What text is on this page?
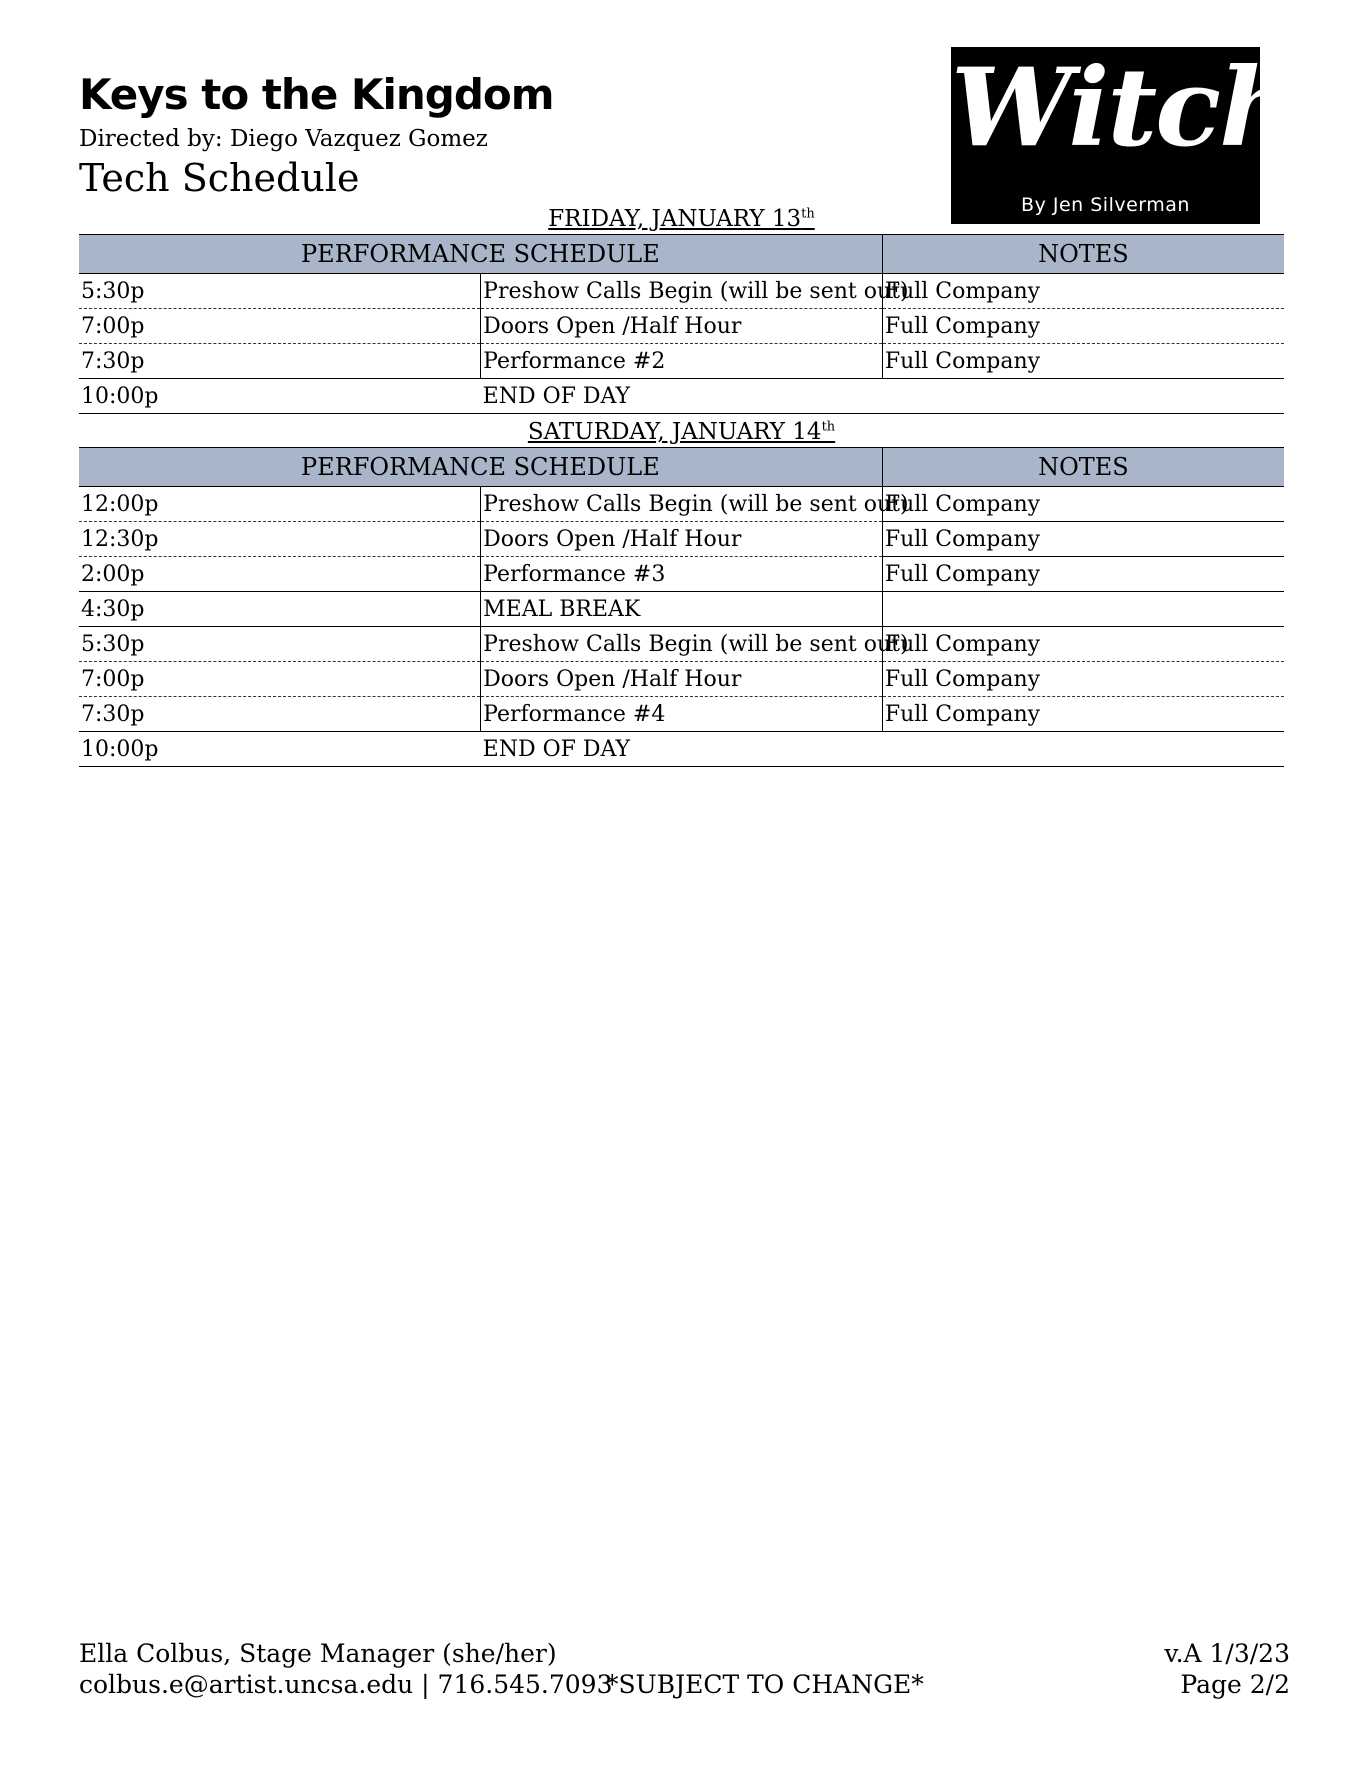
Keys to the Kingdom
Directed by: Diego Vazquez Gomez
Tech Schedule
Witch
By Jen Silverman
FRIDAY, JANUARY 13th
PERFORMANCE SCHEDULE		NOTES
5:30p	Preshow Calls Begin (will be sent out)	Full Company
7:00p	Doors Open /Half Hour	Full Company
7:30p	Performance #2	Full Company
10:00p	END OF DAY	
SATURDAY, JANUARY 14th
PERFORMANCE SCHEDULE		NOTES
12:00p	Preshow Calls Begin (will be sent out)	Full Company
12:30p	Doors Open /Half Hour	Full Company
2:00p	Performance #3	Full Company
4:30p	MEAL BREAK	
5:30p	Preshow Calls Begin (will be sent out)	Full Company
7:00p	Doors Open /Half Hour	Full Company
7:30p	Performance #4	Full Company
10:00p	END OF DAY	
Ella Colbus, Stage Manager (she/her)
colbus.e@artist.uncsa.edu | 716.545.7093
*SUBJECT TO CHANGE*
v.A 1/3/23
Page 2/2
